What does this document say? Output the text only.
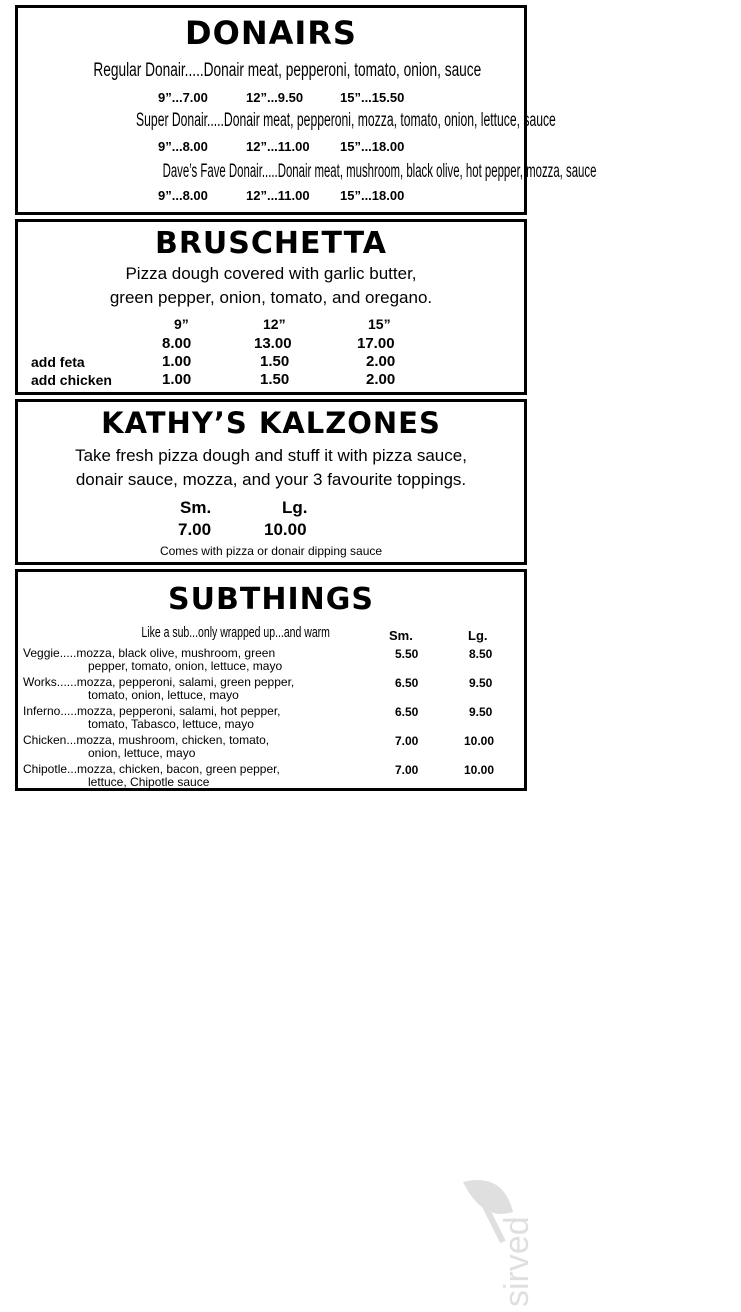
DONAIRS
Regular Donair.....Donair meat, pepperoni, tomato, onion, sauce
9”...7.00	12”...9.50	15”...15.50
Super Donair.....Donair meat, pepperoni, mozza, tomato, onion, lettuce, sauce
9”...8.00	12”...11.00 15”...18.00
Dave’s Fave Donair.....Donair meat, mushroom, black olive, hot pepper, mozza, sauce
9”...8.00	12”...11.00 15”...18.00
BRUSCHETTA
Pizza dough covered with garlic butter,
green pepper, onion, tomato, and oregano.
9”	12”	15”
8.00	13.00	17.00
add feta	1.00	1.50	2.00
add chicken	1.00	1.50	2.00
KATHY’S KALZONES
Take fresh pizza dough and stuff it with pizza sauce,
donair sauce, mozza, and your 3 favourite toppings.
Sm.	Lg.
7.00	10.00
Comes with pizza or donair dipping sauce
SUBTHINGS
Like a sub...only wrapped up...and warm	Sm.	Lg.
Veggie.....mozza, black olive, mushroom, green
pepper, tomato, onion, lettuce, mayo
5.50	8.50
Works......mozza, pepperoni, salami, green pepper,
tomato, onion, lettuce, mayo
6.50	9.50
Inferno.....mozza, pepperoni, salami, hot pepper,
tomato, Tabasco, lettuce, mayo
6.50	9.50
Chicken...mozza, mushroom, chicken, tomato,
onion, lettuce, mayo
7.00	10.00
Chipotle...mozza, chicken, bacon, green pepper,
lettuce, Chipotle sauce
7.00	10.00
sirved
